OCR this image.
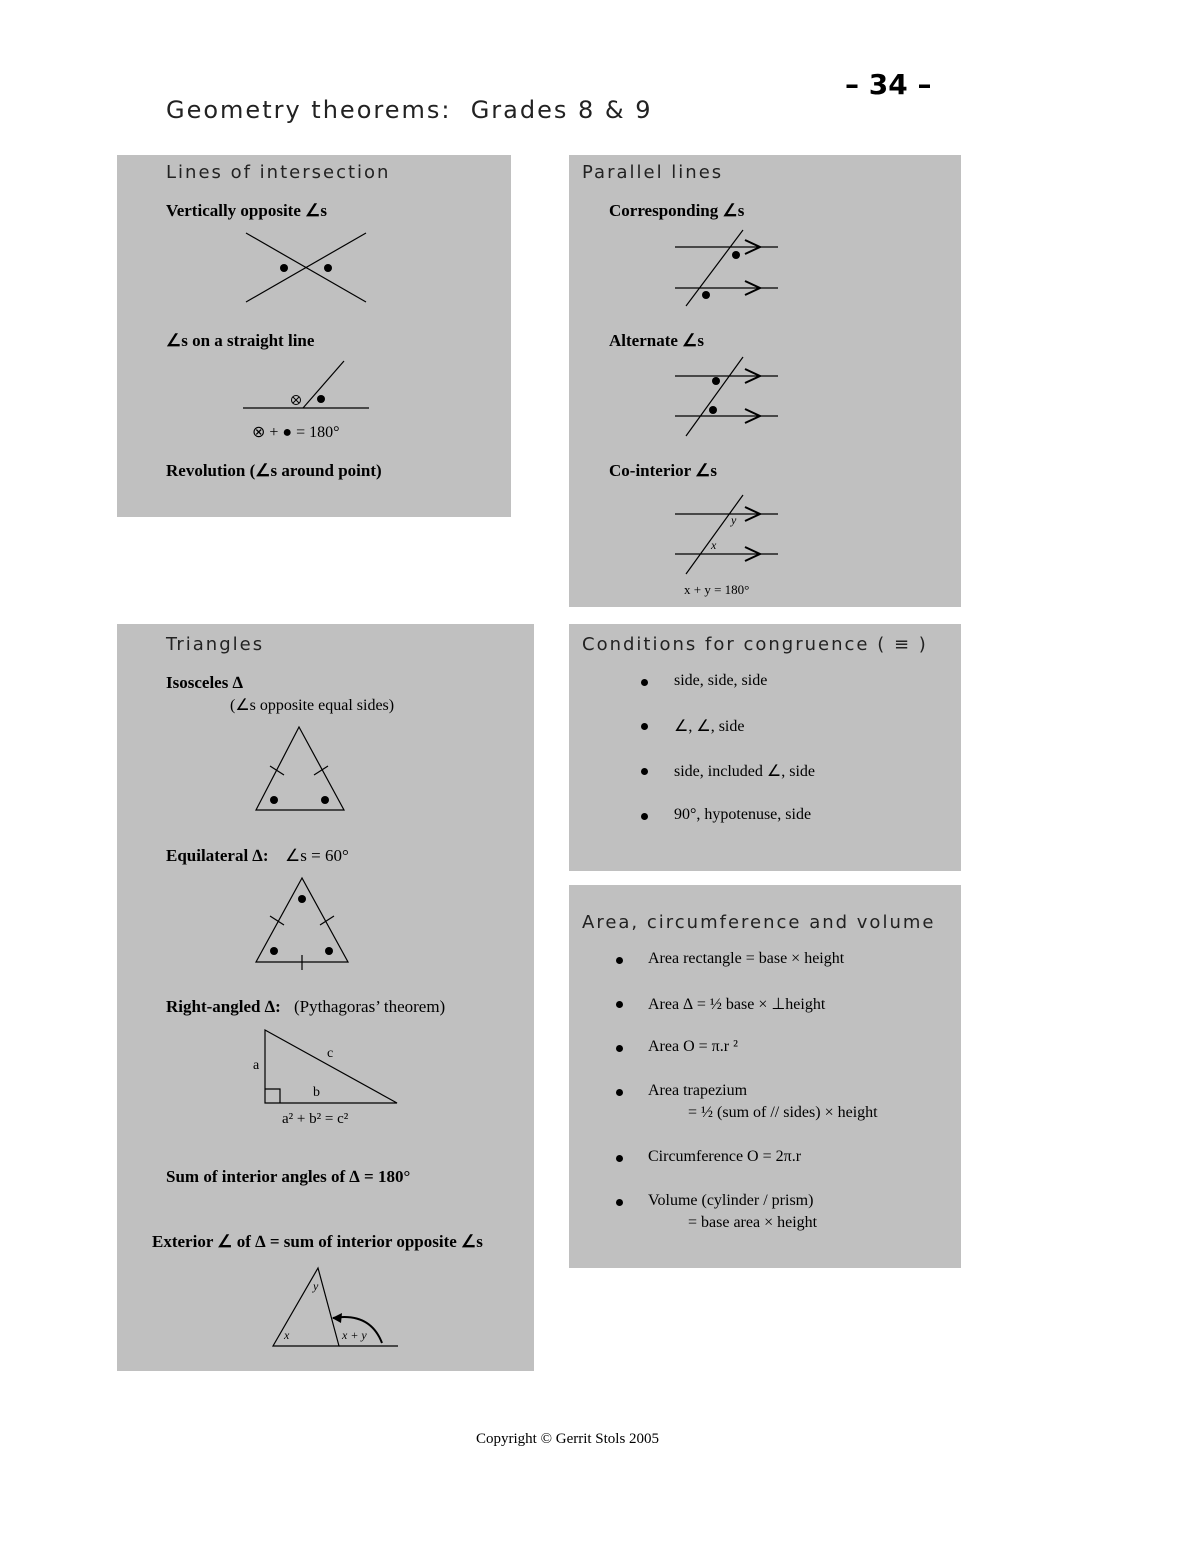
– 34 –
Geometry theorems:  Grades 8 & 9
Lines of intersection
Vertically opposite ∠s
∠s on a straight line
⊗ + ● = 180°
Revolution (∠s around point)
Parallel lines
Corresponding ∠s
Alternate ∠s
Co-interior ∠s
y
x
x + y = 180°
Triangles
Isosceles ∆
(∠s opposite equal sides)
Equilateral ∆: ∠s = 60°
Right-angled ∆: (Pythagoras’ theorem)
a
c
b
a² + b² = c²
Sum of interior angles of ∆ = 180°
Exterior ∠ of ∆ = sum of interior opposite ∠s
y
x	x + y
Conditions for congruence ( ≡ )
side, side, side
∠, ∠, side
side, included ∠, side
90°, hypotenuse, side
Area, circumference and volume
Area rectangle = base × height
Area ∆ = ½ base × ⊥height
Area O = π.r ²
Area trapezium
= ½ (sum of // sides) × height
Circumference O = 2π.r
Volume (cylinder / prism)
= base area × height
Copyright © Gerrit Stols 2005
